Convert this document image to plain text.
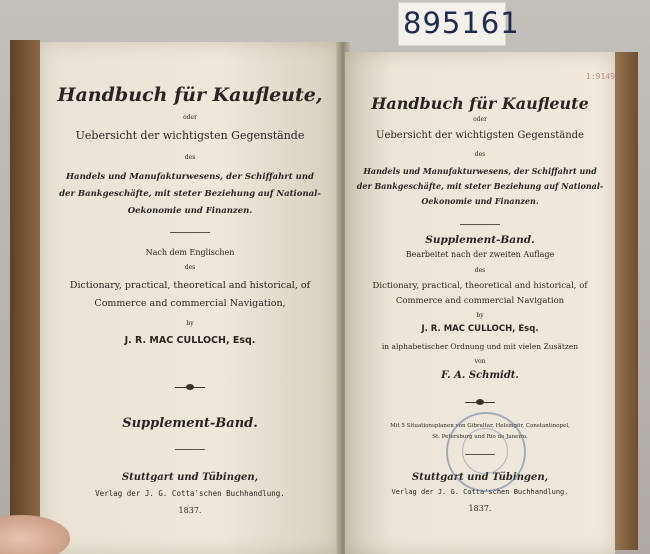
Handbuch für Kaufleute,
oder
Uebersicht der wichtigsten Gegenstände
des
Handels und Manufakturwesens, der Schiffahrt und
der Bankgeschäfte, mit steter Beziehung auf National-
Oekonomie und Finanzen.
Nach dem Englischen
des
Dictionary, practical, theoretical and historical, of
Commerce and commercial Navigation,
by
J. R. MAC CULLOCH, Esq.
Supplement-Band.
Stuttgart und Tübingen,
Verlag der J. G. Cotta'schen Buchhandlung.
1837.
Handbuch für Kaufleute
oder
Uebersicht der wichtigsten Gegenstände
des
Handels und Manufakturwesens, der Schiffahrt und
der Bankgeschäfte, mit steter Beziehung auf National-
Oekonomie und Finanzen.
Supplement-Band.
Bearbeitet nach der zweiten Auflage
des
Dictionary, practical, theoretical and historical, of
Commerce and commercial Navigation
by
J. R. MAC CULLOCH, Esq.
in alphabetischer Ordnung und mit vielen Zusätzen
von
F. A. Schmidt.
Mit 5 Situationsplanen von Gibraltar, Helsingör, Constantinopel,
St. Petersburg und Rio de Janeiro.
Stuttgart und Tübingen,
Verlag der J. G. Cotta'schen Buchhandlung.
1837.
1:9149
895161
